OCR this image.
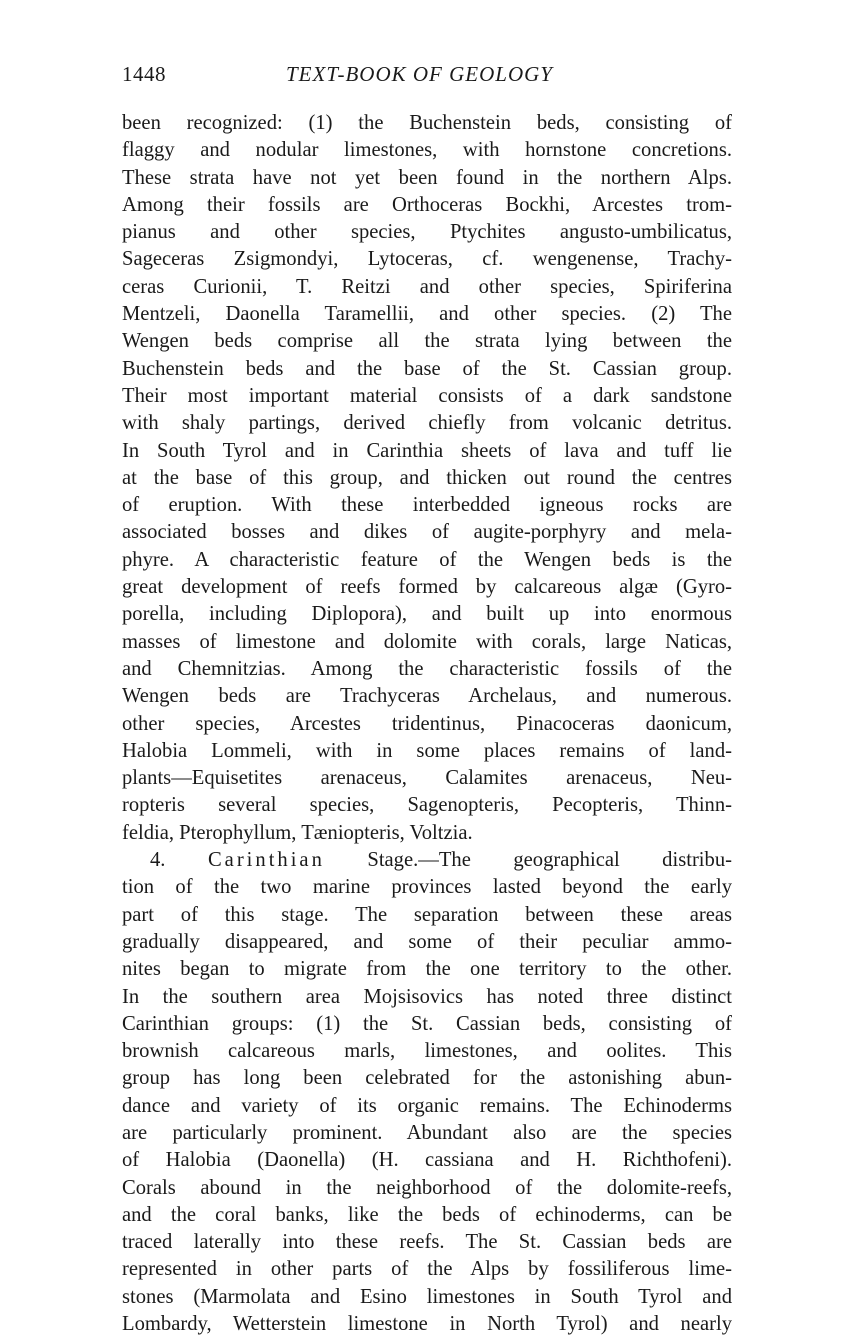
1448	TEXT-BOOK OF GEOLOGY
been recognized: (1) the Buchenstein beds, consisting of
flaggy and nodular limestones, with hornstone concretions.
These strata have not yet been found in the northern Alps.
Among their fossils are Orthoceras Bockhi, Arcestes trom-
pianus and other species, Ptychites angusto-umbilicatus,
Sageceras Zsigmondyi, Lytoceras, cf. wengenense, Trachy-
ceras Curionii, T. Reitzi and other species, Spiriferina
Mentzeli, Daonella Taramellii, and other species. (2) The
Wengen beds comprise all the strata lying between the
Buchenstein beds and the base of the St. Cassian group.
Their most important material consists of a dark sandstone
with shaly partings, derived chiefly from volcanic detritus.
In South Tyrol and in Carinthia sheets of lava and tuff lie
at the base of this group, and thicken out round the centres
of eruption. With these interbedded igneous rocks are
associated bosses and dikes of augite-porphyry and mela-
phyre. A characteristic feature of the Wengen beds is the
great development of reefs formed by calcareous algæ (Gyro-
porella, including Diplopora), and built up into enormous
masses of limestone and dolomite with corals, large Naticas,
and Chemnitzias. Among the characteristic fossils of the
Wengen beds are Trachyceras Archelaus, and numerous.
other species, Arcestes tridentinus, Pinacoceras daonicum,
Halobia Lommeli, with in some places remains of land-
plants—Equisetites arenaceus, Calamites arenaceus, Neu-
ropteris several species, Sagenopteris, Pecopteris, Thinn-
feldia, Pterophyllum, Tæniopteris, Voltzia.
4. Carinthian Stage.—The geographical distribu-
tion of the two marine provinces lasted beyond the early
part of this stage. The separation between these areas
gradually disappeared, and some of their peculiar ammo-
nites began to migrate from the one territory to the other.
In the southern area Mojsisovics has noted three distinct
Carinthian groups: (1) the St. Cassian beds, consisting of
brownish calcareous marls, limestones, and oolites. This
group has long been celebrated for the astonishing abun-
dance and variety of its organic remains. The Echinoderms
are particularly prominent. Abundant also are the species
of Halobia (Daonella) (H. cassiana and H. Richthofeni).
Corals abound in the neighborhood of the dolomite-reefs,
and the coral banks, like the beds of echinoderms, can be
traced laterally into these reefs. The St. Cassian beds are
represented in other parts of the Alps by fossiliferous lime-
stones (Marmolata and Esino limestones in South Tyrol and
Lombardy, Wetterstein limestone in North Tyrol) and nearly
